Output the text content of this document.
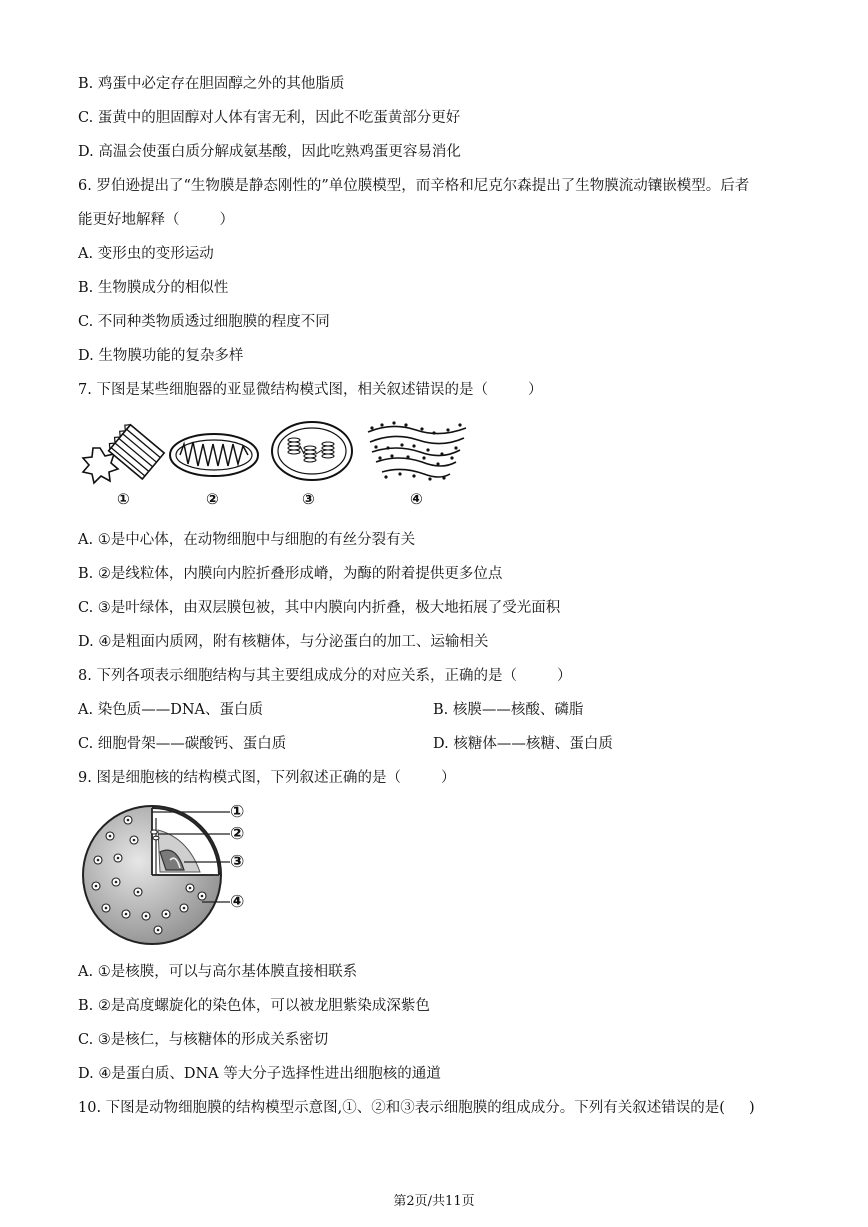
B. 鸡蛋中必定存在胆固醇之外的其他脂质
C. 蛋黄中的胆固醇对人体有害无利，因此不吃蛋黄部分更好
D. 高温会使蛋白质分解成氨基酸，因此吃熟鸡蛋更容易消化
6. 罗伯逊提出了“生物膜是静态刚性的”单位膜模型，而辛格和尼克尔森提出了生物膜流动镶嵌模型。后者
能更好地解释（	）
A. 变形虫的变形运动
B. 生物膜成分的相似性
C. 不同种类物质透过细胞膜的程度不同
D. 生物膜功能的复杂多样
7. 下图是某些细胞器的亚显微结构模式图，相关叙述错误的是（	）
①	②	③	④
A. ①是中心体，在动物细胞中与细胞的有丝分裂有关
B. ②是线粒体，内膜向内腔折叠形成嵴，为酶的附着提供更多位点
C. ③是叶绿体，由双层膜包被，其中内膜向内折叠，极大地拓展了受光面积
D. ④是粗面内质网，附有核糖体，与分泌蛋白的加工、运输相关
8. 下列各项表示细胞结构与其主要组成成分的对应关系，正确的是（	）
A. 染色质——DNA、蛋白质	B. 核膜——核酸、磷脂
C. 细胞骨架——碳酸钙、蛋白质	D. 核糖体——核糖、蛋白质
9. 图是细胞核的结构模式图，下列叙述正确的是（	）
①
②
③
④
A. ①是核膜，可以与高尔基体膜直接相联系
B. ②是高度螺旋化的染色体，可以被龙胆紫染成深紫色
C. ③是核仁，与核糖体的形成关系密切
D. ④是蛋白质、DNA 等大分子选择性进出细胞核的通道
10. 下图是动物细胞膜的结构模型示意图,①、②和③表示细胞膜的组成成分。下列有关叙述错误的是( )
第2页/共11页
